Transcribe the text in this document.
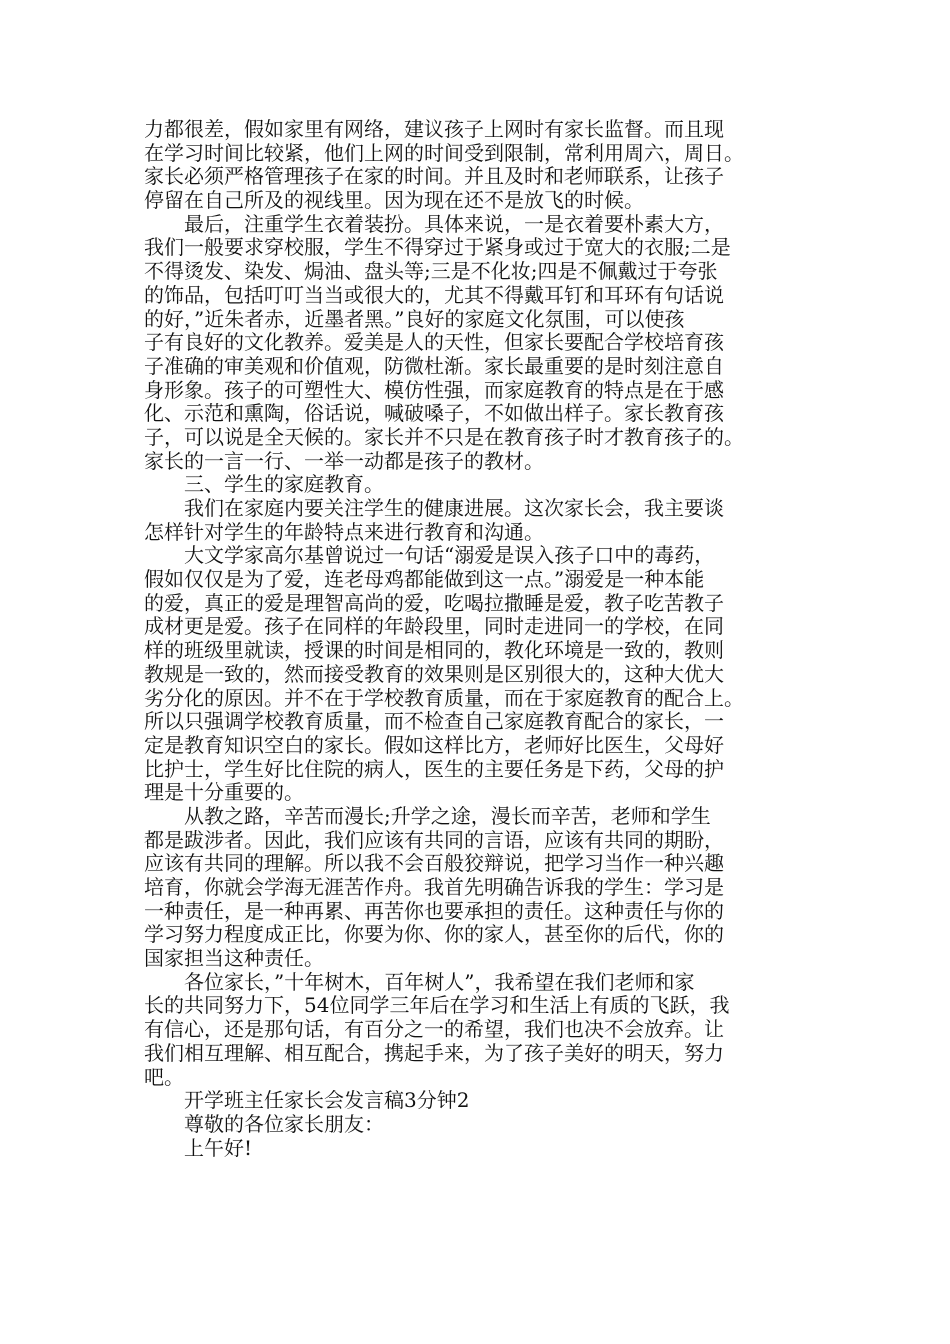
力都很差，假如家里有网络，建议孩子上网时有家长监督。而且现
在学习时间比较紧，他们上网的时间受到限制，常利用周六，周日。
家长必须严格管理孩子在家的时间。并且及时和老师联系，让孩子
停留在自己所及的视线里。因为现在还不是放飞的时候。
　　最后，注重学生衣着装扮。具体来说，一是衣着要朴素大方，
我们一般要求穿校服，学生不得穿过于紧身或过于宽大的衣服;二是
不得烫发、染发、焗油、盘头等;三是不化妆;四是不佩戴过于夸张
的饰品，包括叮叮当当或很大的，尤其不得戴耳钉和耳环有句话说
的好，”近朱者赤，近墨者黑。”良好的家庭文化氛围，可以使孩
子有良好的文化教养。爱美是人的天性，但家长要配合学校培育孩
子准确的审美观和价值观，防微杜渐。家长最重要的是时刻注意自
身形象。孩子的可塑性大、模仿性强，而家庭教育的特点是在于感
化、示范和熏陶，俗话说，喊破嗓子，不如做出样子。家长教育孩
子，可以说是全天候的。家长并不只是在教育孩子时才教育孩子的。
家长的一言一行、一举一动都是孩子的教材。
　　三、学生的家庭教育。
　　我们在家庭内要关注学生的健康进展。这次家长会，我主要谈
怎样针对学生的年龄特点来进行教育和沟通。
　　大文学家高尔基曾说过一句话“溺爱是误入孩子口中的毒药，
假如仅仅是为了爱，连老母鸡都能做到这一点。”溺爱是一种本能
的爱，真正的爱是理智高尚的爱，吃喝拉撒睡是爱，教子吃苦教子
成材更是爱。孩子在同样的年龄段里，同时走进同一的学校，在同
样的班级里就读，授课的时间是相同的，教化环境是一致的，教则
教规是一致的，然而接受教育的效果则是区别很大的，这种大优大
劣分化的原因。并不在于学校教育质量，而在于家庭教育的配合上。
所以只强调学校教育质量，而不检查自己家庭教育配合的家长，一
定是教育知识空白的家长。假如这样比方，老师好比医生，父母好
比护士，学生好比住院的病人，医生的主要任务是下药，父母的护
理是十分重要的。
　　从教之路，辛苦而漫长;升学之途，漫长而辛苦，老师和学生
都是跋涉者。因此，我们应该有共同的言语，应该有共同的期盼，
应该有共同的理解。所以我不会百般狡辩说，把学习当作一种兴趣
培育，你就会学海无涯苦作舟。我首先明确告诉我的学生：学习是
一种责任，是一种再累、再苦你也要承担的责任。这种责任与你的
学习努力程度成正比，你要为你、你的家人，甚至你的后代，你的
国家担当这种责任。
　　各位家长，”十年树木，百年树人”，我希望在我们老师和家
长的共同努力下，54位同学三年后在学习和生活上有质的飞跃，我
有信心，还是那句话，有百分之一的希望，我们也决不会放弃。让
我们相互理解、相互配合，携起手来，为了孩子美好的明天，努力
吧。
　　开学班主任家长会发言稿3分钟2
　　尊敬的各位家长朋友：
　　上午好!
